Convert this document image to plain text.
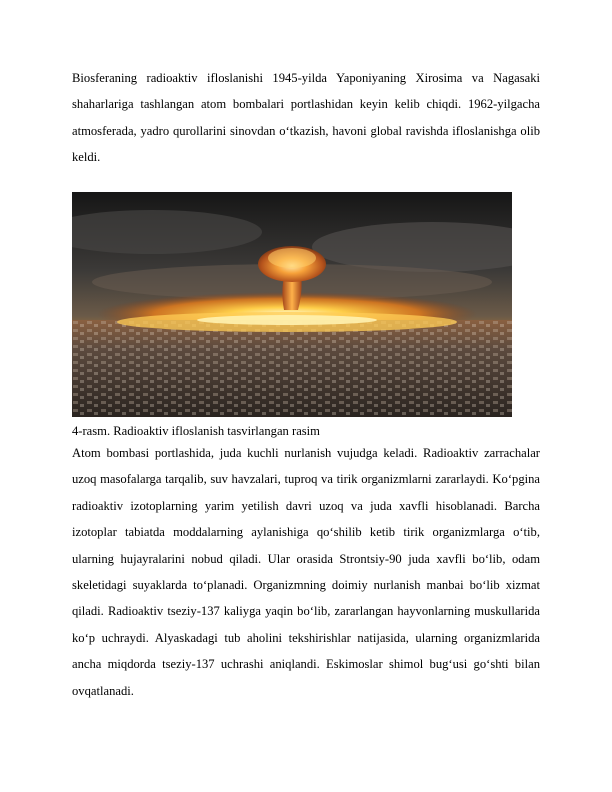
Biosferaning radioaktiv ifloslanishi 1945-yilda Yaponiyaning Xirosima va Nagasaki shaharlariga tashlangan atom bombalari portlashidan keyin kelib chiqdi. 1962-yilgacha atmosferada, yadro qurollarini sinovdan o‘tkazish, havoni global ravishda ifloslanishga olib keldi.

4-rasm. Radioaktiv ifloslanish tasvirlangan rasim

Atom bombasi portlashida, juda kuchli nurlanish vujudga keladi. Radioaktiv zarrachalar uzoq masofalarga tarqalib, suv havzalari, tuproq va tirik organizmlarni zararlaydi. Ko‘pgina radioaktiv izotoplarning yarim yetilish davri uzoq va juda xavfli hisoblanadi. Barcha izotoplar tabiatda moddalarning aylanishiga qo‘shilib ketib tirik organizmlarga o‘tib, ularning hujayralarini nobud qiladi. Ular orasida Strontsiy-90 juda xavfli bo‘lib, odam skeletidagi suyaklarda to‘planadi. Organizmning doimiy nurlanish manbai bo‘lib xizmat qiladi. Radioaktiv tseziy-137 kaliyga yaqin bo‘lib, zararlangan hayvonlarning muskullarida ko‘p uchraydi. Alyaskadagi tub aholini tekshirishlar natijasida, ularning organizmlarida ancha miqdorda tseziy-137 uchrashi aniqlandi. Eskimoslar shimol bug‘usi go‘shti bilan ovqatlanadi.
